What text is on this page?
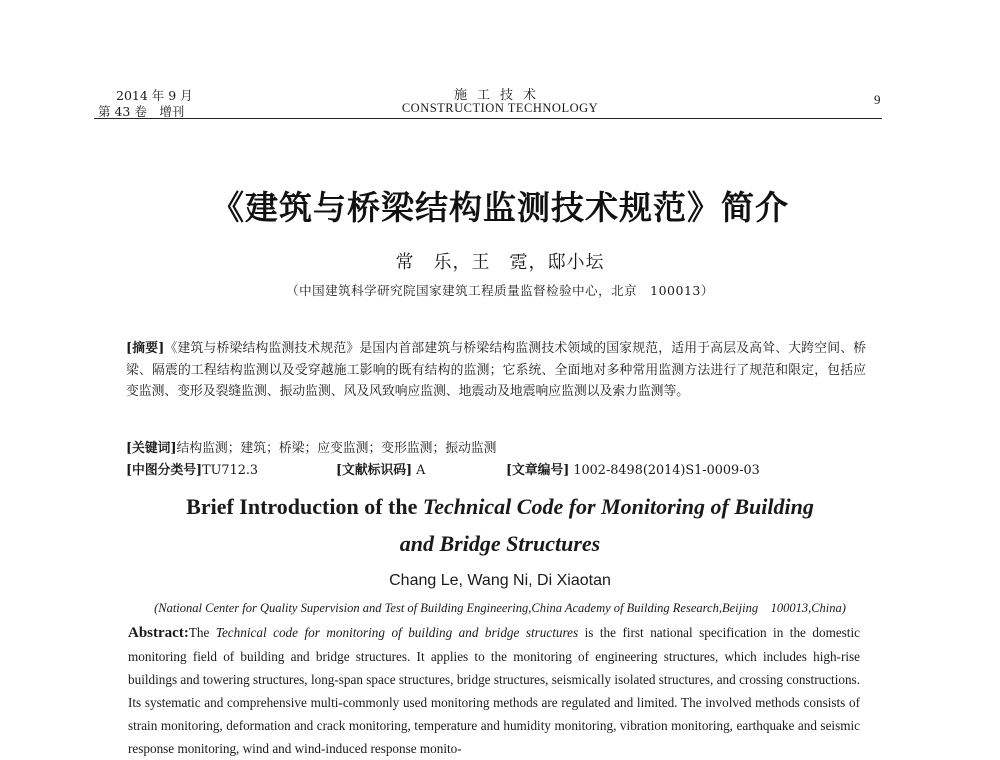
2014 年 9 月
第 43 卷　增刊
施工技术
CONSTRUCTION TECHNOLOGY
9
《建筑与桥梁结构监测技术规范》简介
常　乐，王　霓，邸小坛
（中国建筑科学研究院国家建筑工程质量监督检验中心，北京　100013）
[摘要]《建筑与桥梁结构监测技术规范》是国内首部建筑与桥梁结构监测技术领域的国家规范，适用于高层及高耸、大跨空间、桥梁、隔震的工程结构监测以及受穿越施工影响的既有结构的监测；它系统、全面地对多种常用监测方法进行了规范和限定，包括应变监测、变形及裂缝监测、振动监测、风及风致响应监测、地震动及地震响应监测以及索力监测等。
[关键词]结构监测；建筑；桥梁；应变监测；变形监测；振动监测
[中图分类号]TU712.3	[文献标识码] A	[文章编号] 1002-8498(2014)S1-0009-03
Brief Introduction of the Technical Code for Monitoring of Building
and Bridge Structures
Chang Le, Wang Ni, Di Xiaotan
(National Center for Quality Supervision and Test of Building Engineering,China Academy of Building Research,Beijing　100013,China)
Abstract:The Technical code for monitoring of building and bridge structures is the first national specification in the domestic monitoring field of building and bridge structures. It applies to the monitoring of engineering structures, which includes high-rise buildings and towering structures, long-span space structures, bridge structures, seismically isolated structures, and crossing constructions. Its systematic and comprehensive multi-commonly used monitoring methods are regulated and limited. The involved methods consists of strain monitoring, deformation and crack monitoring, temperature and humidity monitoring, vibration monitoring, earthquake and seismic response monitoring, wind and wind-induced response monito-
